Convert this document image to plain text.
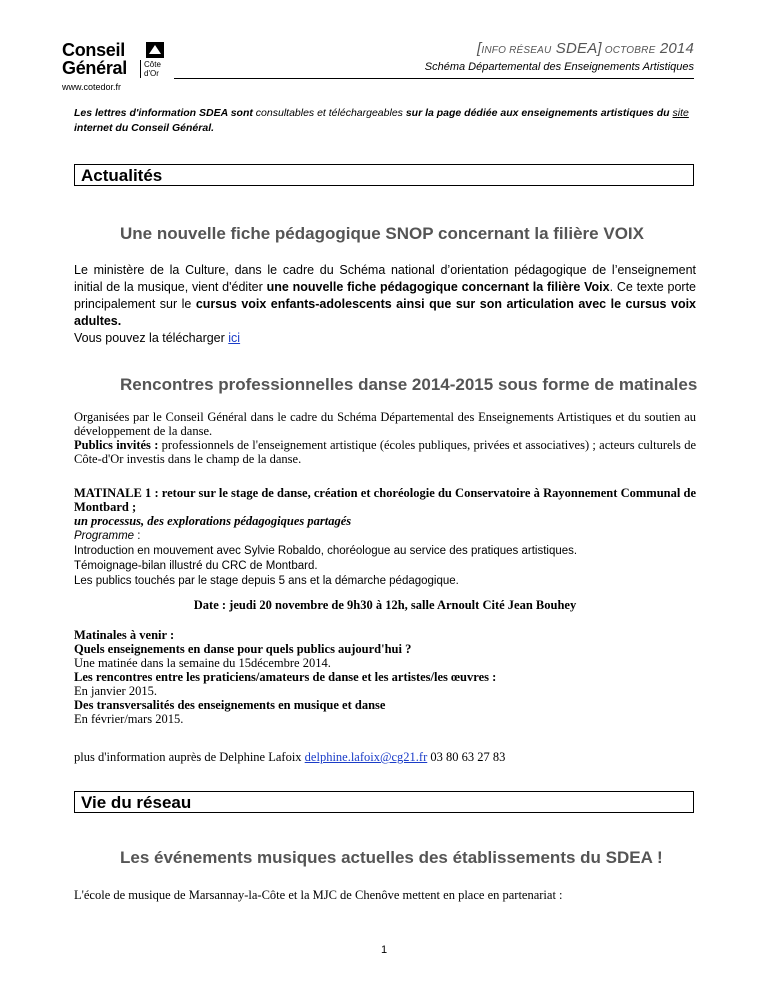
Conseil
Général	Côte
d'Or
www.cotedor.fr
[INFO RÉSEAU SDEA] OCTOBRE 2014
Schéma Départemental des Enseignements Artistiques
Les lettres d'information SDEA sont consultables et téléchargeables sur la page dédiée aux enseignements artistiques du site internet du Conseil Général.
Actualités
Une nouvelle fiche pédagogique SNOP concernant la filière VOIX
Le ministère de la Culture, dans le cadre du Schéma national d’orientation pédagogique de l’enseignement initial de la musique, vient d'éditer une nouvelle fiche pédagogique concernant la filière Voix. Ce texte porte principalement sur le cursus voix enfants-adolescents ainsi que sur son articulation avec le cursus voix adultes.
Vous pouvez la télécharger ici
Rencontres professionnelles danse 2014-2015 sous forme de matinales
Organisées par le Conseil Général dans le cadre du Schéma Départemental des Enseignements Artistiques et du soutien au développement de la danse.
Publics invités : professionnels de l'enseignement artistique (écoles publiques, privées et associatives) ; acteurs culturels de Côte-d'Or investis dans le champ de la danse.
MATINALE 1 : retour sur le stage de danse, création et choréologie du Conservatoire à Rayonnement Communal de Montbard ;
un processus, des explorations pédagogiques partagés
Programme :
Introduction en mouvement avec Sylvie Robaldo, choréologue au service des pratiques artistiques.
Témoignage-bilan illustré du CRC de Montbard.
Les publics touchés par le stage depuis 5 ans et la démarche pédagogique.
Date : jeudi 20 novembre de 9h30 à 12h, salle Arnoult Cité Jean Bouhey
Matinales à venir :
Quels enseignements en danse pour quels publics aujourd'hui ?
Une matinée dans la semaine du 15décembre 2014.
Les rencontres entre les praticiens/amateurs de danse et les artistes/les œuvres :
En janvier 2015.
Des transversalités des enseignements en musique et danse
En février/mars 2015.
plus d'information auprès de Delphine Lafoix delphine.lafoix@cg21.fr 03 80 63 27 83
Vie du réseau
Les événements musiques actuelles des établissements du SDEA !
L'école de musique de Marsannay-la-Côte et la MJC de Chenôve mettent en place en partenariat :
1
